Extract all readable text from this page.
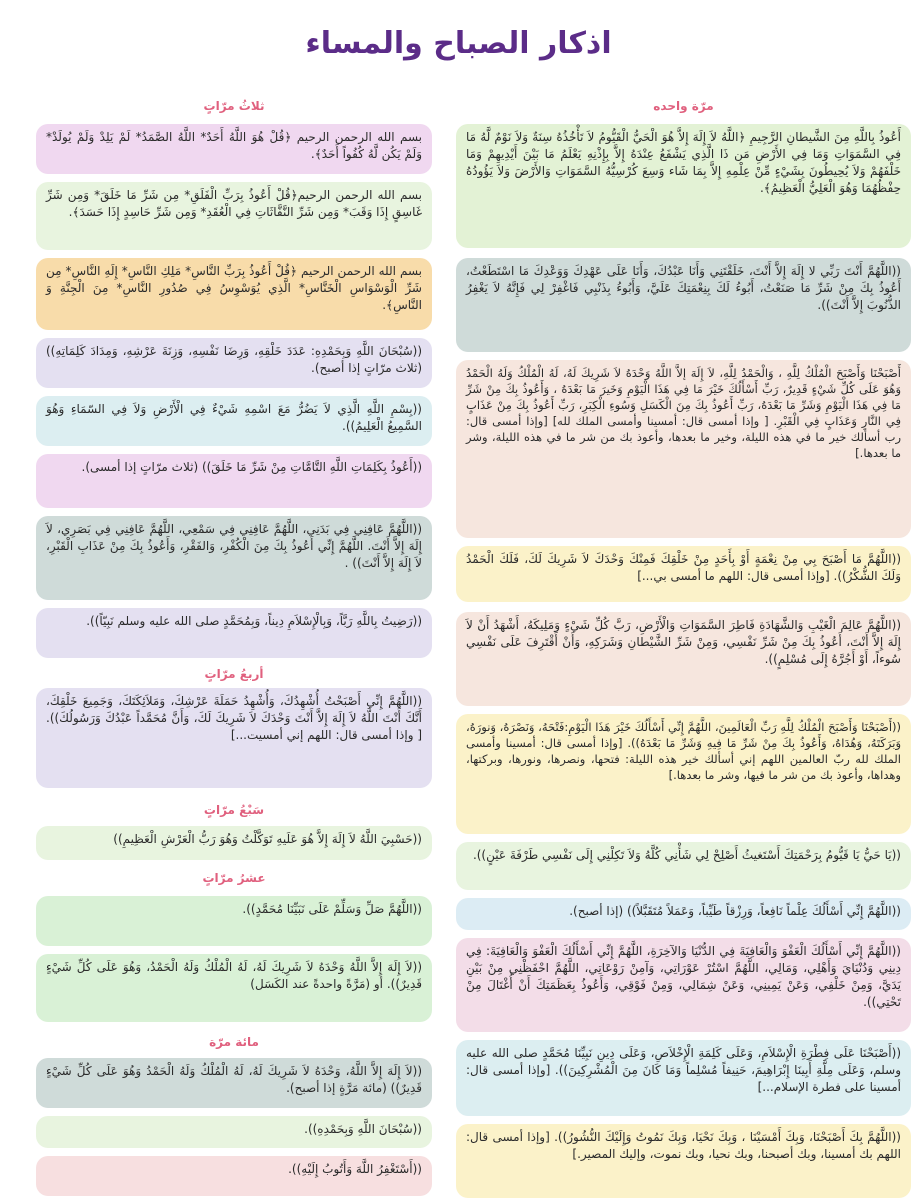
اذكار الصباح والمساء
مرّة واحده
أَعُوذُ بِاللَّهِ مِنَ الشَّيطانِ الرَّجِيمِ ﴿اللَّهُ لاَ إِلَهَ إِلاَّ هُوَ الْحَيُّ الْقَيُّومُ لاَ تَأْخُذُهُ سِنَةٌ وَلاَ نَوْمٌ لَّهُ مَا فِي السَّمَوَاتِ وَمَا فِي الأَرْضِ مَن ذَا الَّذِي يَشْفَعُ عِنْدَهُ إِلاَّ بِإِذْنِهِ يَعْلَمُ مَا بَيْنَ أَيْدِيهِمْ وَمَا خَلْفَهُمْ وَلاَ يُحِيطُونَ بِشَيْءٍ مِّنْ عِلْمِهِ إِلاَّ بِمَا شَاء وَسِعَ كُرْسِيُّهُ السَّمَوَاتِ وَالأَرْضَ وَلاَ يَؤُودُهُ حِفْظُهُمَا وَهُوَ الْعَلِيُّ الْعَظِيمُ﴾.
((اللَّهُمَّ أَنْتَ رَبِّي لا إِلَهَ إِلاَّ أَنْتَ، خَلَقْتَنِي وَأَنَا عَبْدُكَ، وَأَنَا عَلَى عَهْدِكَ وَوَعْدِكَ مَا اسْتَطَعْتُ، أَعُوذُ بِكَ مِنْ شَرِّ مَا صَنَعْتُ، أَبُوءُ لَكَ بِنِعْمَتِكَ عَلَيَّ، وَأَبُوءُ بِذَنْبِي فَاغْفِرْ لِي فَإِنَّهُ لاَ يَغْفِرُ الذُّنُوبَ إِلاَّ أَنْتَ)).
أَصْبَحْنَا وَأَصْبَحَ الْمُلْكُ لِلَّهِ ، وَالْحَمْدُ لِلَّهِ، لاَ إِلَهَ إلاَّ اللَّهُ وَحْدَهُ لاَ شَرِيكَ لَهُ، لَهُ الْمُلْكُ وَلَهُ الْحَمْدُ وَهُوَ عَلَى كُلِّ شَيْءٍ قَدِيرٌ، رَبِّ أَسْأَلُكَ خَيْرَ مَا فِي هَذَا الْيَوْمِ وَخَيرَ مَا بَعْدَهُ ، وَأَعُوذُ بِكَ مِنْ شَرِّ مَا فِي هَذَا الْيَوْمِ وَشَرِّ مَا بَعْدَهُ، رَبِّ أَعُوذُ بِكَ مِنَ الْكَسَلِ وَسُوءِ الْكِبَرِ، رَبِّ أَعُوذُ بِكَ مِنْ عَذَابٍ فِي النَّارِ وَعَذَابٍ فِي الْقَبْرِ. [ وإذا أمسى قال: أمسينا وأمسى الملك لله] [وإذا أمسى قال: رب أسألك خير ما في هذه الليلة، وخير ما بعدها، وأعوذ بك من شر ما في هذه الليلة، وشر ما بعدها.]
((اللَّهُمَّ مَا أَصْبَحَ بِي مِنْ نِعْمَةٍ أَوْ بِأَحَدٍ مِنْ خَلْقِكَ فَمِنْكَ وَحْدَكَ لاَ شَرِيكَ لَكَ، فَلَكَ الْحَمْدُ وَلَكَ الشُّكْرُ)). [وإذا أمسى قال: اللهم ما أمسى بي...]
((اللَّهُمَّ عَالِمَ الْغَيْبِ وَالشَّهَادَةِ فَاطِرَ السَّمَوَاتِ وَالْأَرْضِ، رَبَّ كُلِّ شَيْءٍ وَمَلِيكَهُ، أَشْهَدُ أَنْ لاَ إِلَهَ إِلاَّ أَنْتَ، أَعُوذُ بِكَ مِنْ شَرِّ نَفْسِي، وَمِنْ شَرِّ الشَّيْطانِ وَشَرَكِهِ، وَأَنْ أَقْتَرِفَ عَلَى نَفْسِي سُوءاً، أَوْ أَجُرَّهُ إِلَى مُسْلِمٍ)).
((أَصْبَحْنَا وَأَصْبَحَ الْمُلْكُ لِلَّهِ رَبِّ الْعَالَمِينَ، اللَّهُمَّ إِنِّي أَسْأَلُكَ خَيْرَ هَذَا الْيَوْمِ:فَتْحَهُ، وَنَصْرَهُ، وَنورَهُ، وَبَرَكَتَهُ، وَهُدَاهُ، وَأَعُوذُ بِكَ مِنْ شَرِّ مَا فِيهِ وَشَرِّ مَا بَعْدَهُ)). [وإذا أمسى قال: أمسينا وأمسى الملك لله ربّ العالمين اللهم إني أسألك خير هذه الليلة: فتحها، ونصرها، ونورها، وبركتها، وهداها، وأعوذ بك من شر ما فيها، وشر ما بعدها.]
((يَا حَيُّ يَا قَيُّومُ بِرَحْمَتِكَ أَسْتَغيثُ أَصْلِحْ لِي شَأْنِي كُلَّهُ وَلاَ تَكِلْنِي إِلَى نَفْسِي طَرْفَةَ عَيْنٍ)).
((اللَّهُمَّ إِنِّي أَسْأَلُكَ عِلْماً نَافِعاً، وَرِزْقاً طَيِّباً، وَعَمَلاً مُتَقَبَّلاً)) (إذا أصبح).
((اللَّهُمَّ إِنِّي أَسْأَلُكَ الْعَفْوَ وَالْعَافِيَةَ فِي الدُّنْيَا وَالآخِرَةِ، اللَّهُمَّ إِنِّي أَسْأَلُكَ الْعَفْوَ وَالْعَافِيَةَ: فِي دِينِي وَدُنْيَايَ وَأَهْلِي، وَمَالِي، اللَّهُمَّ اسْتُرْ عَوْرَاتِي، وَآمِنْ رَوْعَاتِي، اللَّهُمَّ احْفَظْنِي مِنْ بَيْنِ يَدَيَّ، وَمِنْ خَلْفِي، وَعَنْ يَمِينِي، وَعَنْ شِمَالِي، وَمِنْ فَوْقِي، وَأَعُوذُ بِعَظَمَتِكَ أَنْ أُغْتَالَ مِنْ تَحْتِي)).
((أَصْبَحْنَا عَلَى فِطْرَةِ الْإِسْلاَمِ، وَعَلَى كَلِمَةِ الْإِخْلاَصِ، وَعَلَى دِينِ نَبِيِّنَا مُحَمَّدٍ صلى الله عليه وسلم، وَعَلَى مِلَّةِ أَبِينَا إِبْرَاهِيمَ، حَنِيفاً مُسْلِماً وَمَا كَانَ مِنَ الْمُشْرِكِينَ)). [وإذا أمسى قال: أمسينا على فطرة الإسلام...]
((اللَّهُمَّ بِكَ أَصْبَحْنَا، وَبِكَ أَمْسَيْنَا ، وَبِكَ نَحْيَا، وَبِكَ نَمُوتُ وَإِلَيْكَ النُّشُورُ)). [وإذا أمسى قال: اللهم بك أمسينا، وبك أصبحنا، وبك نحيا، وبك نموت، وإليك المصير.]
ثلاثُ مرّاتٍ
بسم الله الرحمن الرحيم ﴿قُلْ هُوَ اللَّهُ أَحَدٌ* اللَّهُ الصَّمَدُ* لَمْ يَلِدْ وَلَمْ يُولَدْ* وَلَمْ يَكُن لَّهُ كُفُواً أَحَدٌ﴾.
بسم الله الرحمن الرحيم﴿قُلْ أَعُوذُ بِرَبِّ الْفَلَقِ* مِن شَرِّ مَا خَلَقَ* وَمِن شَرِّ غَاسِقٍ إِذَا وَقَبَ* وَمِن شَرِّ النَّفَّاثَاتِ فِي الْعُقَدِ* وَمِن شَرِّ حَاسِدٍ إِذَا حَسَدَ﴾.
بسم الله الرحمن الرحيم ﴿قُلْ أَعُوذُ بِرَبِّ النَّاسِ* مَلِكِ النَّاسِ* إِلَهِ النَّاسِ* مِن شَرِّ الْوَسْوَاسِ الْخَنَّاسِ* الَّذِي يُوَسْوِسُ فِي صُدُورِ النَّاسِ* مِنَ الْجِنَّةِ وَ النَّاسِ﴾.
((سُبْحَانَ اللَّهِ وَبِحَمْدِهِ: عَدَدَ خَلْقِهِ، وَرِضَا نَفْسِهِ، وَزِنَةَ عَرْشِهِ، وَمِدَادَ كَلِمَاتِهِ)) (ثلاث مرّاتٍ إذا أصبح).
((بِسْمِ اللَّهِ الَّذِي لاَ يَضُرُّ مَعَ اسْمِهِ شَيْءٌ فِي الْأَرْضِ وَلاَ فِي السّمَاءِ وَهُوَ السَّمِيعُ الْعَلِيمُ)).
((أَعُوذُ بِكَلِمَاتِ اللَّهِ التَّامَّاتِ مِنْ شَرِّ مَا خَلَقَ)) (ثلاث مرّاتٍ إذا أمسى).
((اللَّهُمَّ عَافِنِي فِي بَدَنِي، اللَّهُمَّ عَافِنِي فِي سَمْعِي، اللَّهُمَّ عَافِنِي فِي بَصَرِي، لاَ إِلَهَ إِلاَّ أَنْتَ. اللَّهُمَّ إِنِّي أَعُوذُ بِكَ مِنَ الْكُفْرِ، وَالفَقْرِ، وَأَعُوذُ بِكَ مِنْ عَذَابِ الْقَبْرِ، لاَ إِلَهَ إِلاَّ أَنْتَ)) .
((رَضِيتُ بِاللَّهِ رَبَّاً، وَبِالْإِسْلاَمِ دِيناً، وَبِمُحَمَّدٍ صلى الله عليه وسلم نَبِيّاً)).
أربعُ مرّاتٍ
((اللَّهُمَّ إِنِّي أَصْبَحْتُ أُشْهِدُكَ، وَأُشْهِدُ حَمَلَةَ عَرْشِكَ، وَمَلاَئِكَتَكَ، وَجَمِيعَ خَلْقِكَ، أَنَّكَ أَنْتَ اللَّهُ لاَ إِلَهَ إِلاَّ أَنْتَ وَحْدَكَ لاَ شَرِيكَ لَكَ، وَأَنَّ مُحَمَّداً عَبْدُكَ وَرَسُولُكَ)). [ وإذا أمسى قال: اللهم إني أمسيت...]
سَبْعُ مرّاتٍ
((حَسْبِيَ اللَّهُ لاَ إِلَهَ إِلاَّ هُوَ عَلَيهِ تَوَكَّلْتُ وَهُوَ رَبُّ الْعَرْشِ الْعَظِيمِ))
عشرُ مرّاتٍ
((اللَّهُمَّ صَلِّ وَسَلِّمْ عَلَى نَبَيِّنَا مُحَمَّدٍ)).
((لاَ إِلَهَ إِلاَّ اللَّهُ وَحْدَهُ لاَ شَرِيكَ لَهُ، لَهُ الْمُلْكُ وَلَهُ الْحَمْدُ، وَهُوَ عَلَى كُلِّ شَيْءٍ قَدِيرٌ)). أو (مَرَّةً واحدةً عند الكَسَل)
مائة مرّة
((لاَ إِلَهَ إِلاَّ اللَّهُ، وَحْدَهُ لاَ شَرِيكَ لَهُ، لَهُ الْمُلْكُ وَلَهُ الْحَمْدُ وَهُوَ عَلَى كُلِّ شَيْءٍ قَدِيرٌ)) (مائة مَرَّةٍ إذا أصبح).
((سُبْحَانَ اللَّهِ وَبِحَمْدِهِ)).
((أَسْتَغْفِرُ اللَّهَ وَأَتُوبُ إِلَيْهِ)).
